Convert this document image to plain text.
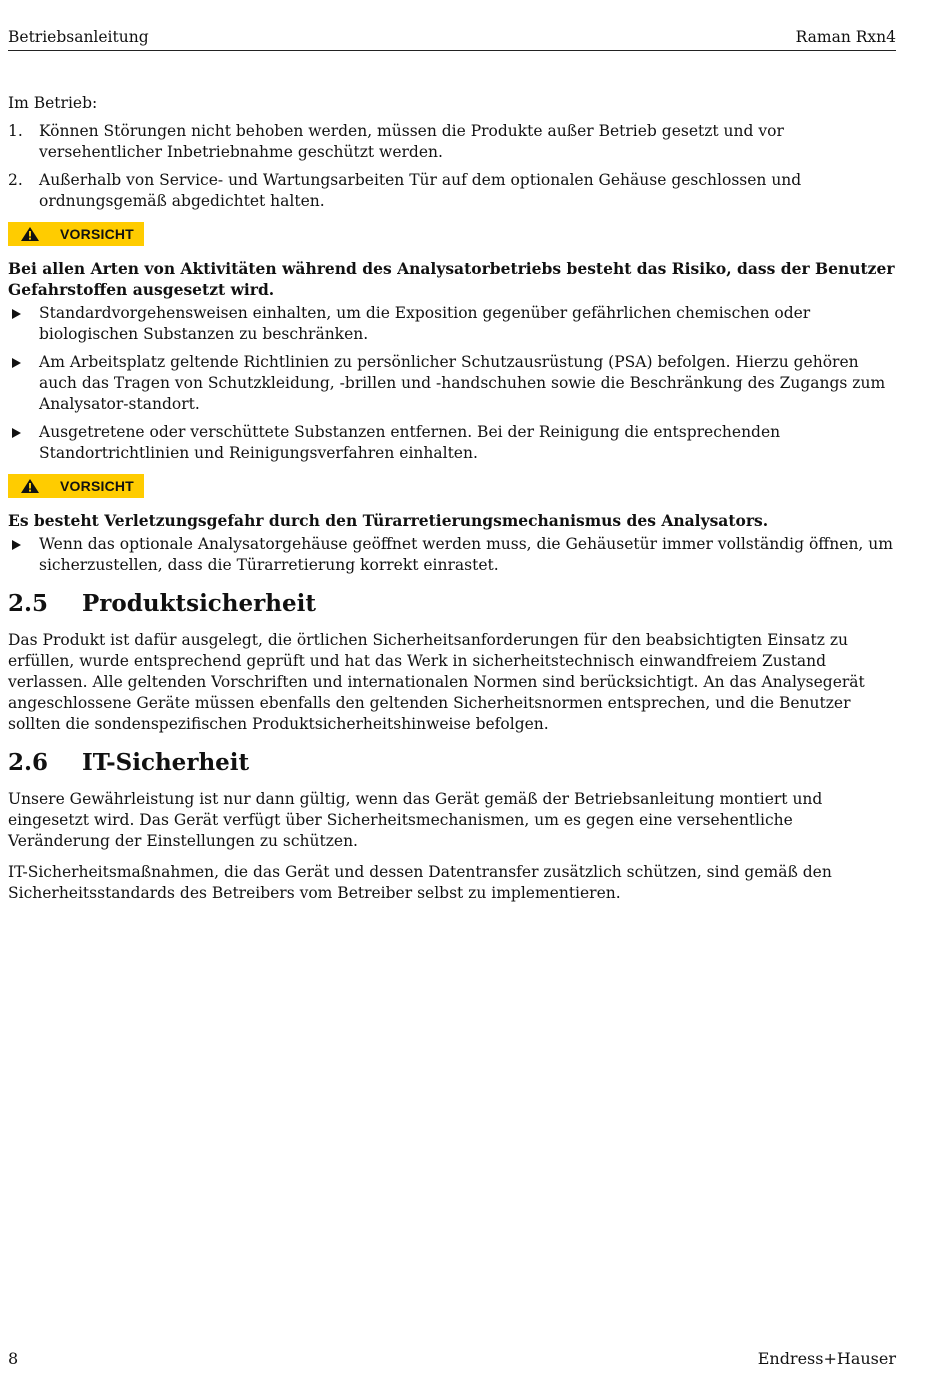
Betriebsanleitung	Raman Rxn4

Im Betrieb:

1. Können Störungen nicht behoben werden, müssen die Produkte außer Betrieb gesetzt und vor versehentlicher Inbetriebnahme geschützt werden.
2. Außerhalb von Service- und Wartungsarbeiten Tür auf dem optionalen Gehäuse geschlossen und ordnungsgemäß abgedichtet halten.
VORSICHT

Bei allen Arten von Aktivitäten während des Analysatorbetriebs besteht das Risiko, dass der Benutzer Gefahrstoffen ausgesetzt wird.

Standardvorgehensweisen einhalten, um die Exposition gegenüber gefährlichen chemischen oder biologischen Substanzen zu beschränken.
Am Arbeitsplatz geltende Richtlinien zu persönlicher Schutzausrüstung (PSA) befolgen. Hierzu gehören auch das Tragen von Schutzkleidung, -brillen und -handschuhen sowie die Beschränkung des Zugangs zum Analysator-standort.
Ausgetretene oder verschüttete Substanzen entfernen. Bei der Reinigung die entsprechenden Standortrichtlinien und Reinigungsverfahren einhalten.
VORSICHT

Es besteht Verletzungsgefahr durch den Türarretierungsmechanismus des Analysators.

Wenn das optionale Analysatorgehäuse geöffnet werden muss, die Gehäusetür immer vollständig öffnen, um sicherzustellen, dass die Türarretierung korrekt einrastet.
2.5	Produktsicherheit

Das Produkt ist dafür ausgelegt, die örtlichen Sicherheitsanforderungen für den beabsichtigten Einsatz zu erfüllen, wurde entsprechend geprüft und hat das Werk in sicherheitstechnisch einwandfreiem Zustand verlassen. Alle geltenden Vorschriften und internationalen Normen sind berücksichtigt. An das Analysegerät angeschlossene Geräte müssen ebenfalls den geltenden Sicherheitsnormen entsprechen, und die Benutzer sollten die sondenspezifischen Produktsicherheitshinweise befolgen.

2.6	IT-Sicherheit

Unsere Gewährleistung ist nur dann gültig, wenn das Gerät gemäß der Betriebsanleitung montiert und eingesetzt wird. Das Gerät verfügt über Sicherheitsmechanismen, um es gegen eine versehentliche Veränderung der Einstellungen zu schützen.

IT-Sicherheitsmaßnahmen, die das Gerät und dessen Datentransfer zusätzlich schützen, sind gemäß den Sicherheitsstandards des Betreibers vom Betreiber selbst zu implementieren.

8	Endress+Hauser
